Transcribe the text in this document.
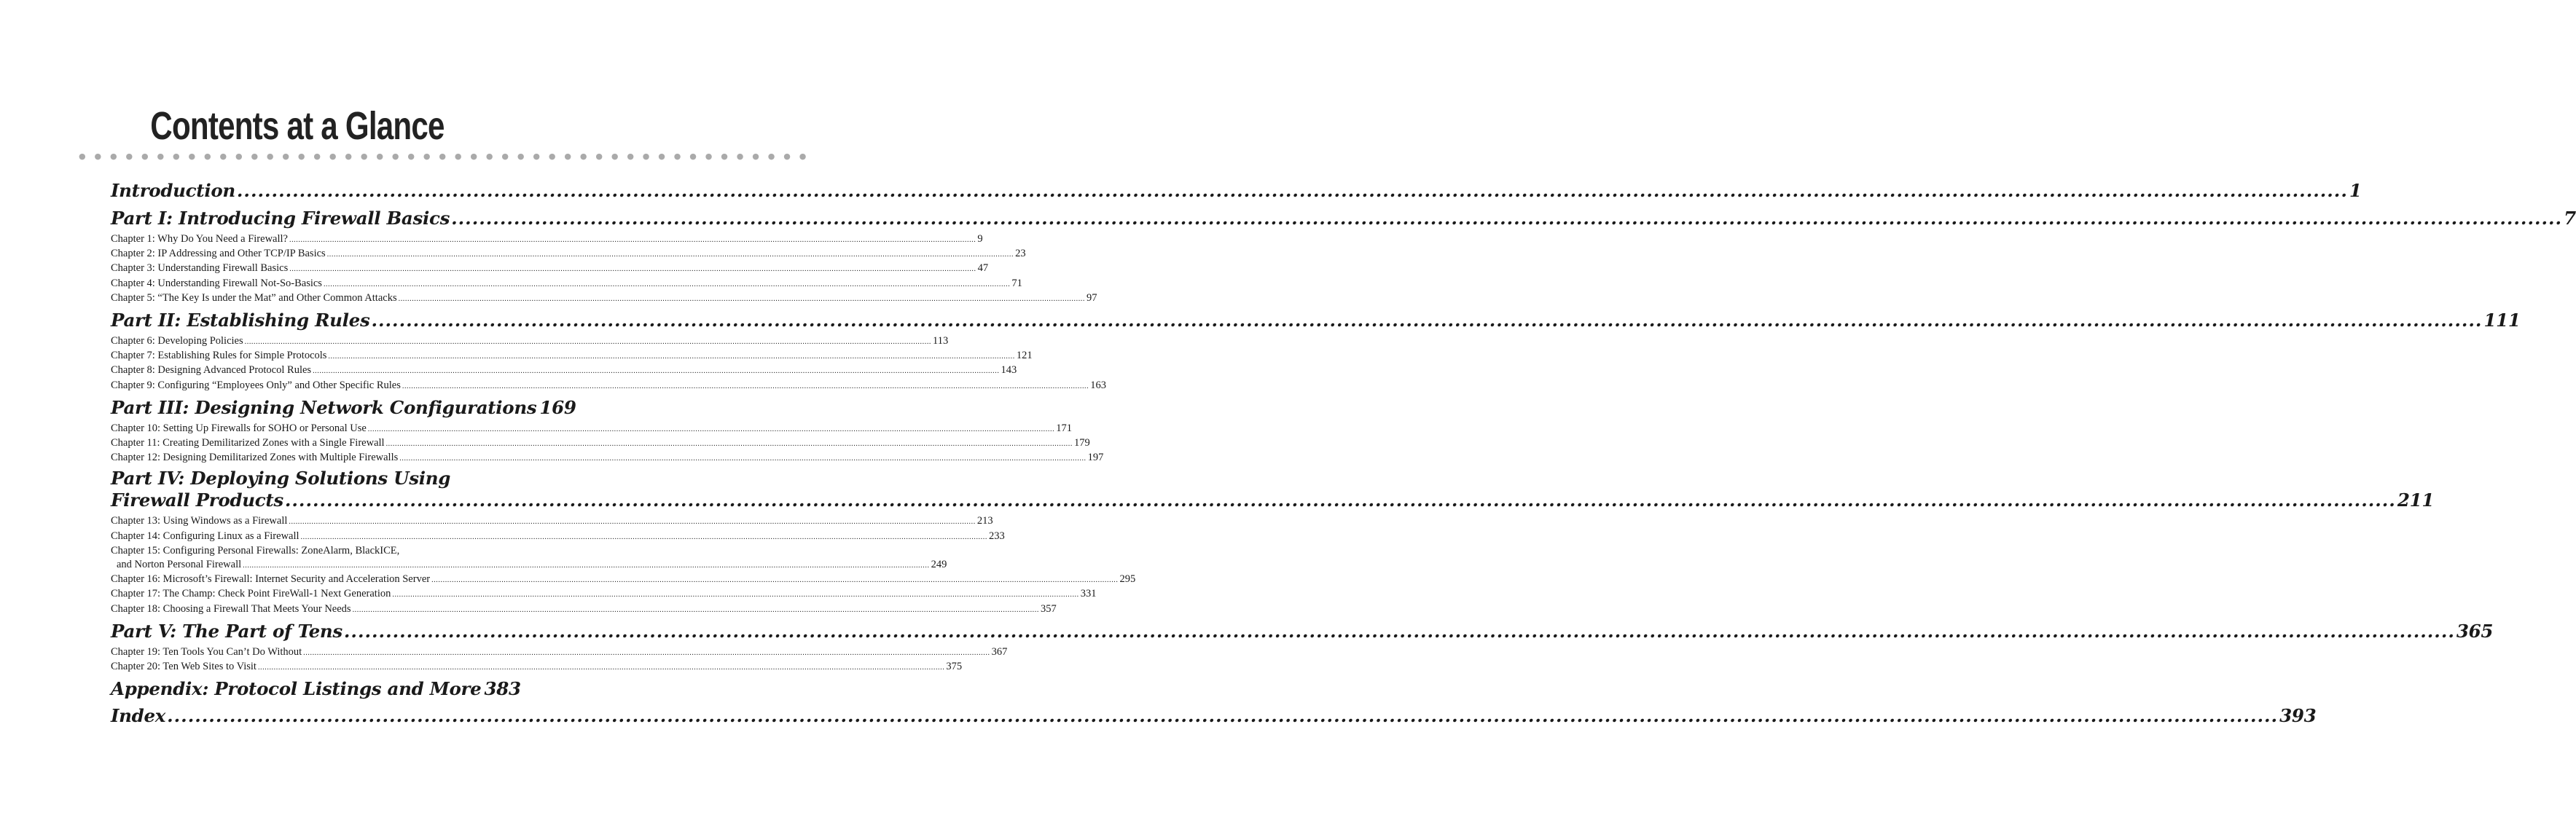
Contents at a Glance
● ● ● ● ● ● ● ● ● ● ● ● ● ● ● ● ● ● ● ● ● ● ● ● ● ● ● ● ● ● ● ● ● ● ● ● ● ● ● ● ● ● ● ● ● ● ●
Introduction .....	1
Part I: Introducing Firewall Basics .....	7
Chapter 1: Why Do You Need a Firewall? .....	9
Chapter 2: IP Addressing and Other TCP/IP Basics .....	23
Chapter 3: Understanding Firewall Basics .....	47
Chapter 4: Understanding Firewall Not-So-Basics .....	71
Chapter 5: “The Key Is under the Mat” and Other Common Attacks .....	97
Part II: Establishing Rules .....	111
Chapter 6: Developing Policies .....	113
Chapter 7: Establishing Rules for Simple Protocols .....	121
Chapter 8: Designing Advanced Protocol Rules .....	143
Chapter 9: Configuring “Employees Only” and Other Specific Rules .....	163
Part III: Designing Network Configurations 169
Chapter 10: Setting Up Firewalls for SOHO or Personal Use .....	171
Chapter 11: Creating Demilitarized Zones with a Single Firewall .....	179
Chapter 12: Designing Demilitarized Zones with Multiple Firewalls .....	197
Part IV: Deploying Solutions Using
Firewall Products .....	211
Chapter 13: Using Windows as a Firewall .....	213
Chapter 14: Configuring Linux as a Firewall .....	233
Chapter 15: Configuring Personal Firewalls: ZoneAlarm, BlackICE,
and Norton Personal Firewall .....	249
Chapter 16: Microsoft’s Firewall: Internet Security and Acceleration Server .....	295
Chapter 17: The Champ: Check Point FireWall-1 Next Generation .....	331
Chapter 18: Choosing a Firewall That Meets Your Needs .....	357
Part V: The Part of Tens .....	365
Chapter 19: Ten Tools You Can’t Do Without .....	367
Chapter 20: Ten Web Sites to Visit .....	375
Appendix: Protocol Listings and More 383
Index .....	393
